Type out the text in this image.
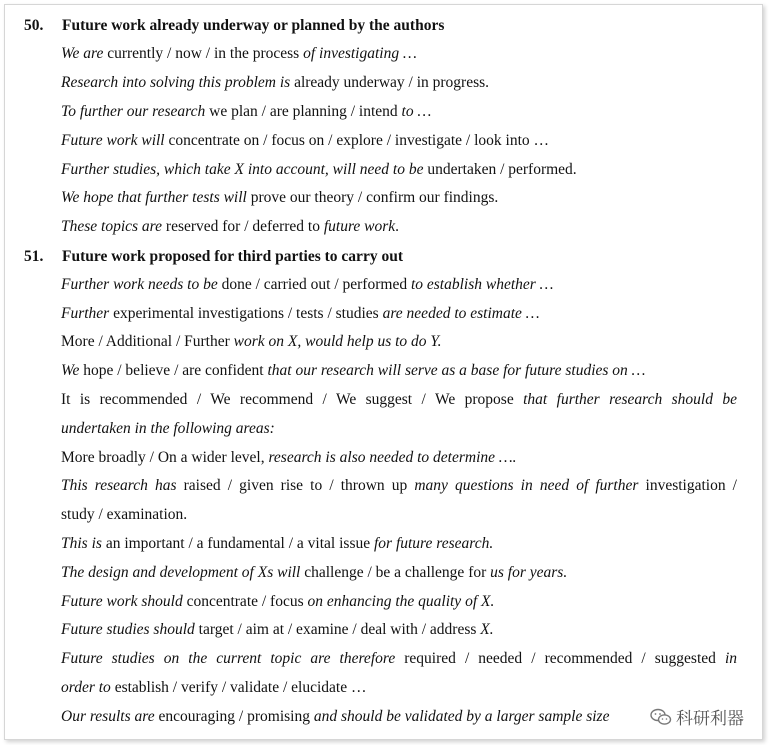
50. Future work already underway or planned by the authors
We are currently / now / in the process of investigating …
Research into solving this problem is already underway / in progress.
To further our research we plan / are planning / intend to …
Future work will concentrate on / focus on / explore / investigate / look into …
Further studies, which take X into account, will need to be undertaken / performed.
We hope that further tests will prove our theory / confirm our findings.
These topics are reserved for / deferred to future work.
51. Future work proposed for third parties to carry out
Further work needs to be done / carried out / performed to establish whether …
Further experimental investigations / tests / studies are needed to estimate …
More / Additional / Further work on X, would help us to do Y.
We hope / believe / are confident that our research will serve as a base for future studies on …
It is recommended / We recommend / We suggest / We propose that further research should be
undertaken in the following areas:
More broadly / On a wider level, research is also needed to determine ….
This research has raised / given rise to / thrown up many questions in need of further investigation /
study / examination.
This is an important / a fundamental / a vital issue for future research.
The design and development of Xs will challenge / be a challenge for us for years.
Future work should concentrate / focus on enhancing the quality of X.
Future studies should target / aim at / examine / deal with / address X.
Future studies on the current topic are therefore required / needed / recommended / suggested in
order to establish / verify / validate / elucidate …
Our results are encouraging / promising and should be validated by a larger sample size	科研利器
